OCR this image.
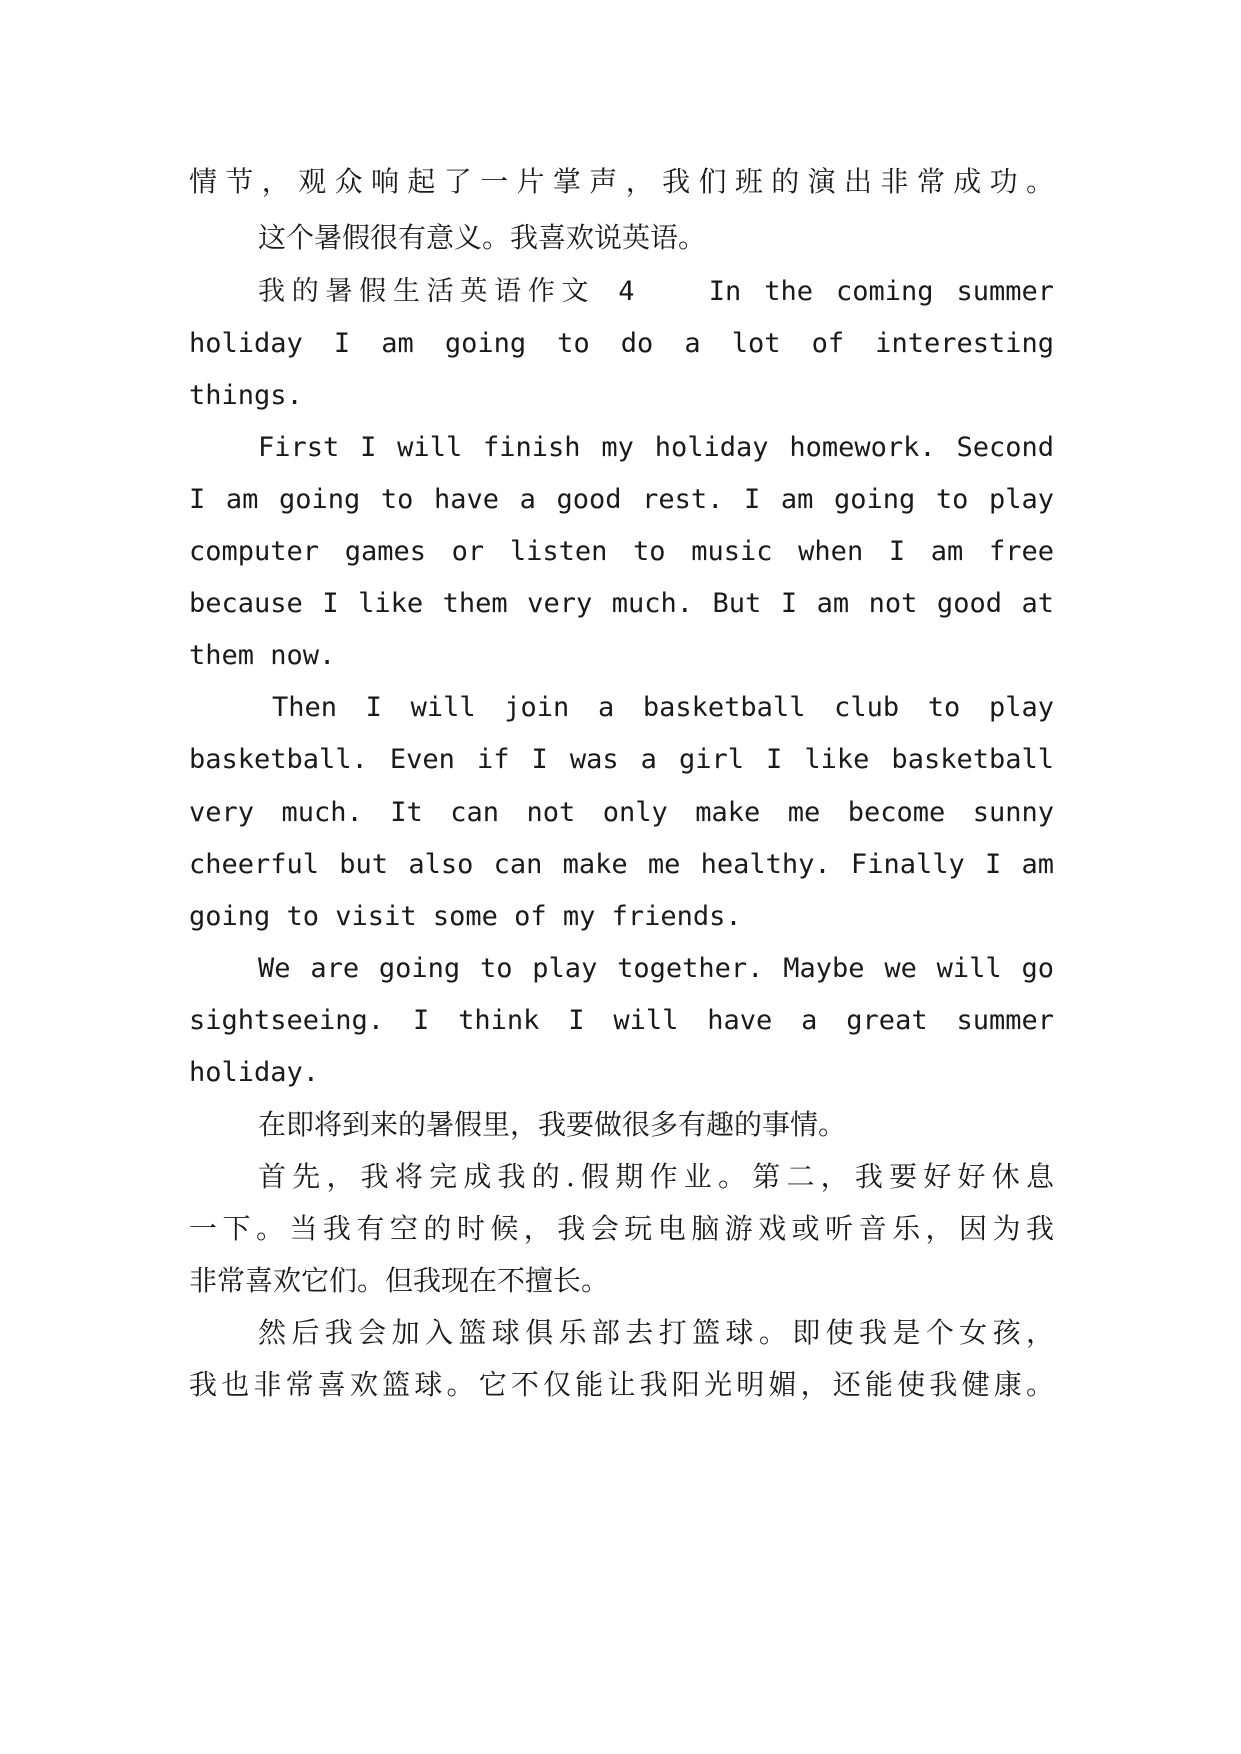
情节，观众响起了一片掌声，我们班的演出非常成功。
这个暑假很有意义。我喜欢说英语。
我的暑假生活英语作文 4　　In the coming summer
holiday I am going to do a lot of interesting
things.
First I will finish my holiday homework. Second
I am going to have a good rest. I am going to play
computer games or listen to music when I am free
because I like them very much. But I am not good at
them now.
Then I will join a basketball club to play
basketball. Even if I was a girl I like basketball
very much. It can not only make me become sunny
cheerful but also can make me healthy. Finally I am
going to visit some of my friends.
We are going to play together. Maybe we will go
sightseeing. I think I will have a great summer
holiday.
在即将到来的暑假里，我要做很多有趣的事情。
首先，我将完成我的.假期作业。第二，我要好好休息
一下。当我有空的时候，我会玩电脑游戏或听音乐，因为我
非常喜欢它们。但我现在不擅长。
然后我会加入篮球俱乐部去打篮球。即使我是个女孩，
我也非常喜欢篮球。它不仅能让我阳光明媚，还能使我健康。
